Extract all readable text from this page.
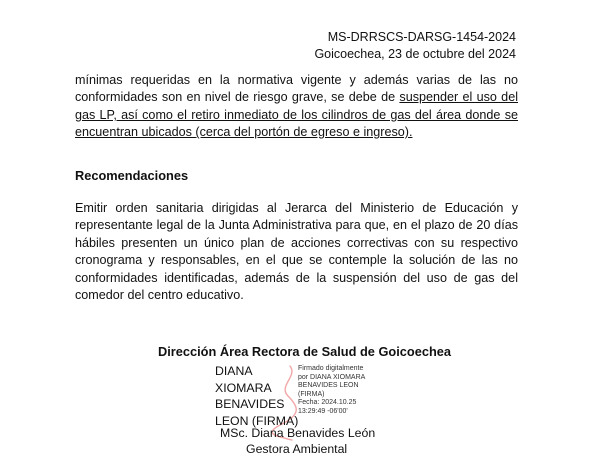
MS-DRRSCS-DARSG-1454-2024
Goicoechea, 23 de octubre del 2024

mínimas requeridas en la normativa vigente y además varias de las no conformidades son en nivel de riesgo grave, se debe de suspender el uso del gas LP, así como el retiro inmediato de los cilindros de gas del área donde se encuentran ubicados (cerca del portón de egreso e ingreso).

Recomendaciones

Emitir orden sanitaria dirigidas al Jerarca del Ministerio de Educación y representante legal de la Junta Administrativa para que, en el plazo de 20 días hábiles presenten un único plan de acciones correctivas con su respectivo cronograma y responsables, en el que se contemple la solución de las no conformidades identificadas, además de la suspensión del uso de gas del comedor del centro educativo.

Dirección Área Rectora de Salud de Goicoechea
DIANA
XIOMARA
BENAVIDES
LEON (FIRMA)
Firmado digitalmente
por DIANA XIOMARA
BENAVIDES LEON
(FIRMA)
Fecha: 2024.10.25
13:29:49 -06'00'
MSc. Diana Benavides León
Gestora Ambiental
